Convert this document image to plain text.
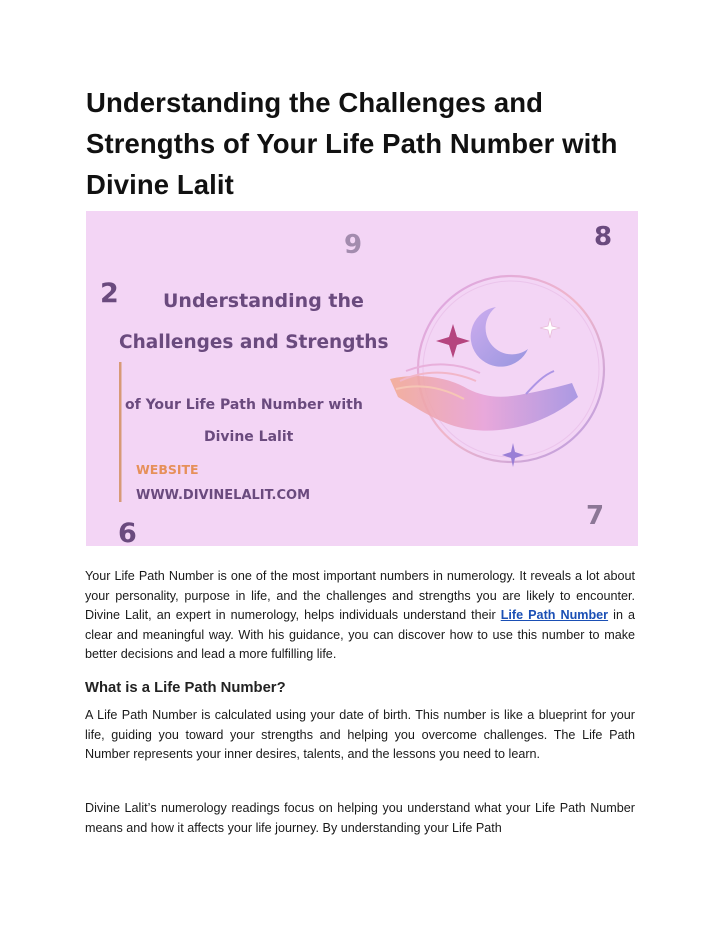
Understanding the Challenges and Strengths of Your Life Path Number with Divine Lalit
9	8
2
6
7
Understanding the
Challenges and Strengths
of Your Life Path Number with
Divine Lalit
WEBSITE
WWW.DIVINELALIT.COM

Your Life Path Number is one of the most important numbers in numerology. It reveals a lot about your personality, purpose in life, and the challenges and strengths you are likely to encounter. Divine Lalit, an expert in numerology, helps individuals understand their Life Path Number in a clear and meaningful way. With his guidance, you can discover how to use this number to make better decisions and lead a more fulfilling life.

What is a Life Path Number?

A Life Path Number is calculated using your date of birth. This number is like a blueprint for your life, guiding you toward your strengths and helping you overcome challenges. The Life Path Number represents your inner desires, talents, and the lessons you need to learn.

Divine Lalit’s numerology readings focus on helping you understand what your Life Path Number means and how it affects your life journey. By understanding your Life Path
